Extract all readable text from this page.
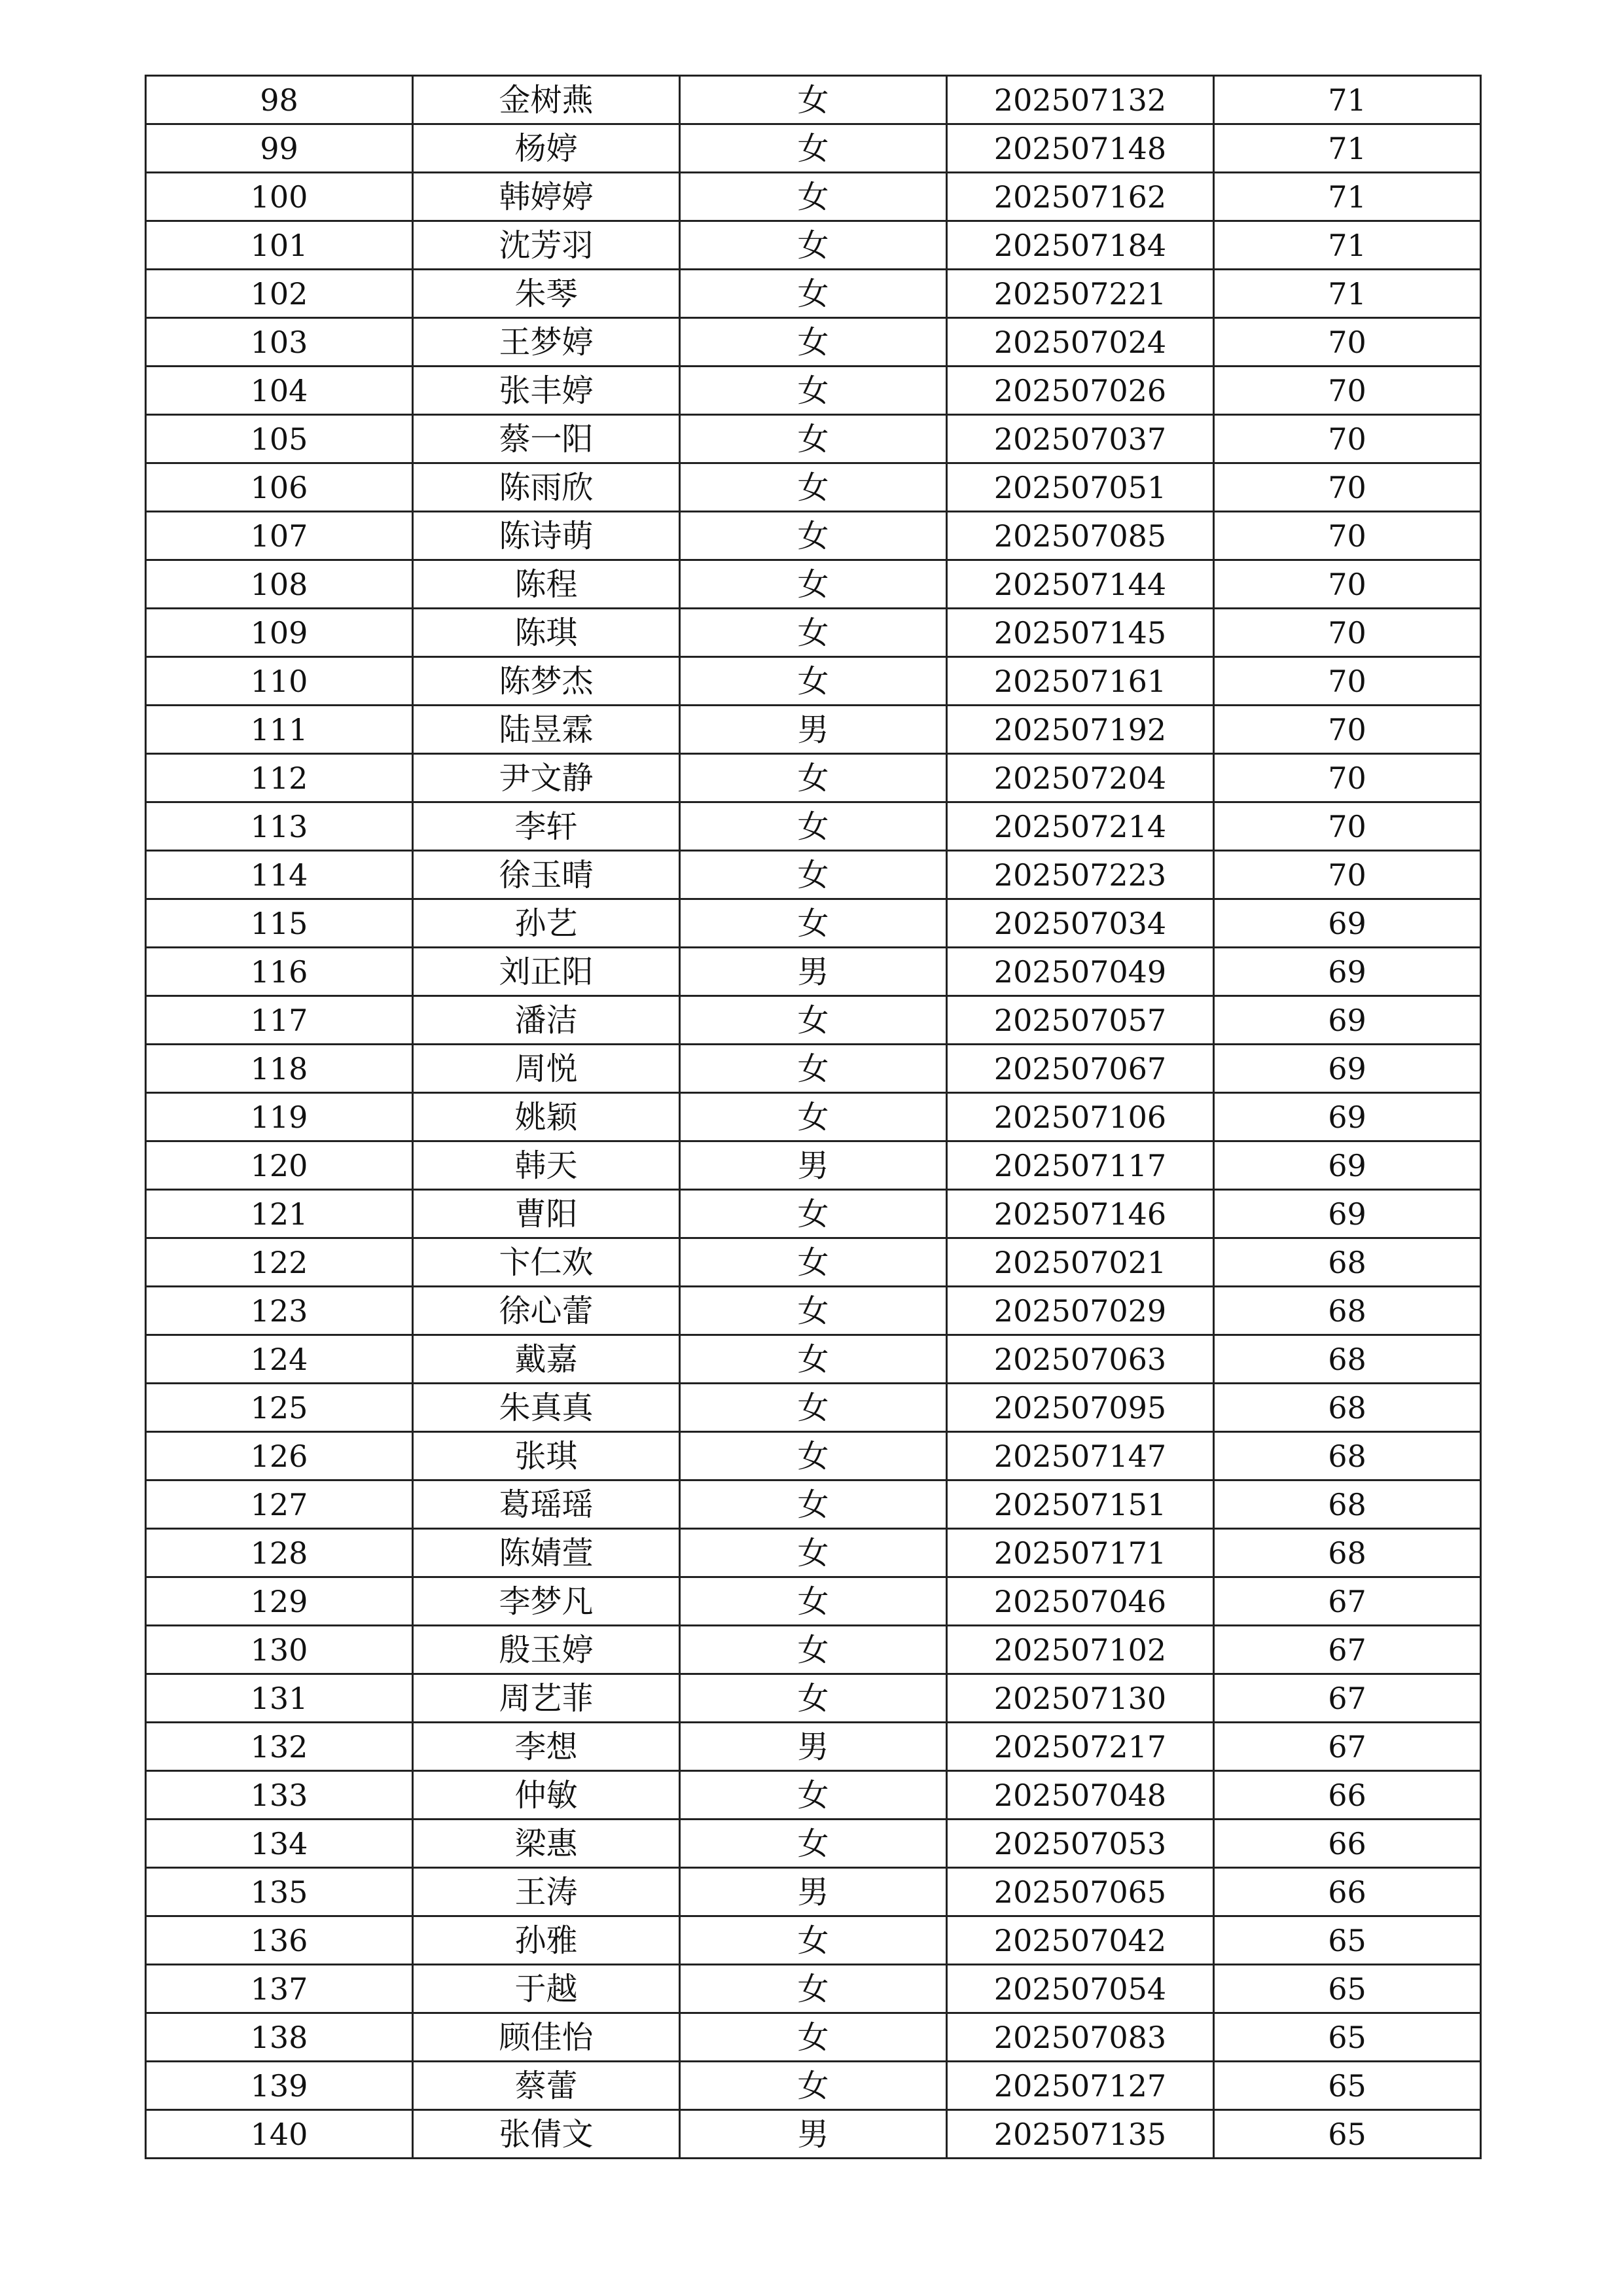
98	金树燕	女	202507132	71
99	杨婷	女	202507148	71
100	韩婷婷	女	202507162	71
101	沈芳羽	女	202507184	71
102	朱琴	女	202507221	71
103	王梦婷	女	202507024	70
104	张丰婷	女	202507026	70
105	蔡一阳	女	202507037	70
106	陈雨欣	女	202507051	70
107	陈诗萌	女	202507085	70
108	陈程	女	202507144	70
109	陈琪	女	202507145	70
110	陈梦杰	女	202507161	70
111	陆昱霖	男	202507192	70
112	尹文静	女	202507204	70
113	李轩	女	202507214	70
114	徐玉晴	女	202507223	70
115	孙艺	女	202507034	69
116	刘正阳	男	202507049	69
117	潘洁	女	202507057	69
118	周悦	女	202507067	69
119	姚颖	女	202507106	69
120	韩天	男	202507117	69
121	曹阳	女	202507146	69
122	卞仁欢	女	202507021	68
123	徐心蕾	女	202507029	68
124	戴嘉	女	202507063	68
125	朱真真	女	202507095	68
126	张琪	女	202507147	68
127	葛瑶瑶	女	202507151	68
128	陈婧萱	女	202507171	68
129	李梦凡	女	202507046	67
130	殷玉婷	女	202507102	67
131	周艺菲	女	202507130	67
132	李想	男	202507217	67
133	仲敏	女	202507048	66
134	梁惠	女	202507053	66
135	王涛	男	202507065	66
136	孙雅	女	202507042	65
137	于越	女	202507054	65
138	顾佳怡	女	202507083	65
139	蔡蕾	女	202507127	65
140	张倩文	男	202507135	65
